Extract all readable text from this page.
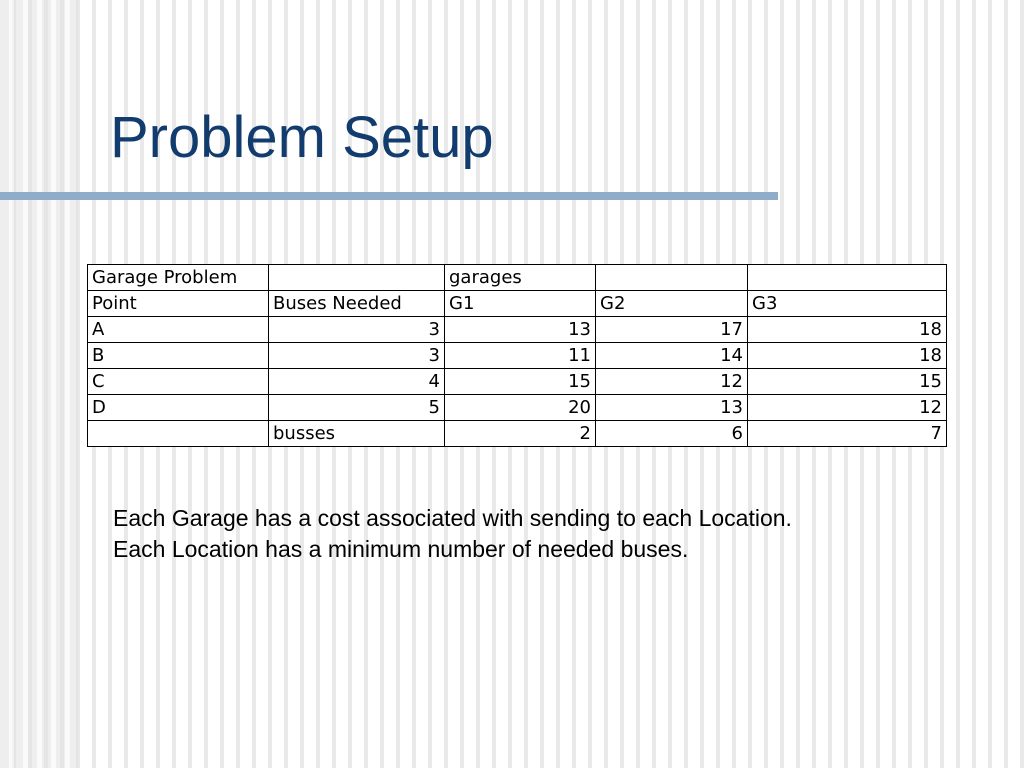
Problem Setup
Garage Problem		garages		
Point	Buses Needed	G1	G2	G3
A	3	13	17	18
B	3	11	14	18
C	4	15	12	15
D	5	20	13	12
	busses	2	6	7

Each Garage has a cost associated with sending to each Location.

Each Location has a minimum number of needed buses.
